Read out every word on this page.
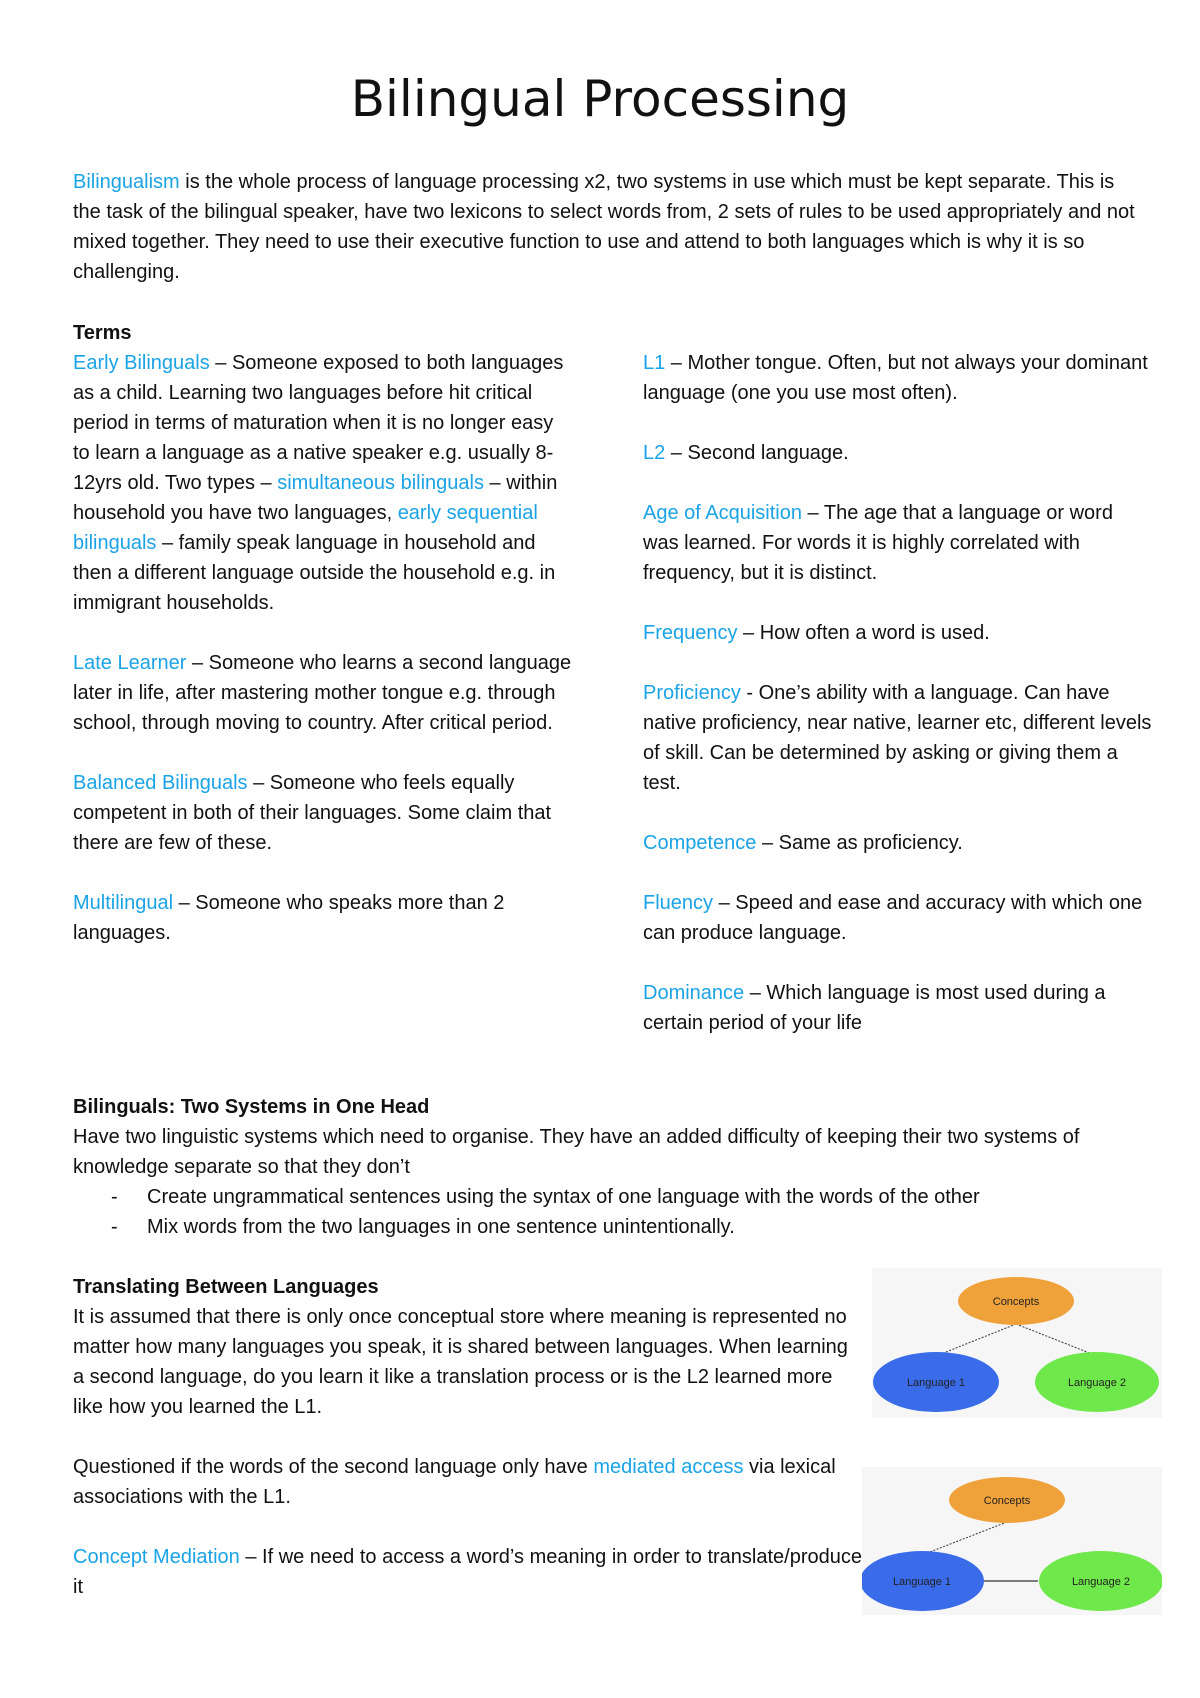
Bilingual Processing

Bilingualism is the whole process of language processing x2, two systems in use which must be kept separate. This is the task of the bilingual speaker, have two lexicons to select words from, 2 sets of rules to be used appropriately and not mixed together. They need to use their executive function to use and attend to both languages which is why it is so challenging.

Terms

Early Bilinguals – Someone exposed to both languages as a child. Learning two languages before hit critical period in terms of maturation when it is no longer easy to learn a language as a native speaker e.g. usually 8-12yrs old. Two types – simultaneous bilinguals – within household you have two languages, early sequential bilinguals – family speak language in household and then a different language outside the household e.g. in immigrant households.

Late Learner – Someone who learns a second language later in life, after mastering mother tongue e.g. through school, through moving to country. After critical period.

Balanced Bilinguals – Someone who feels equally competent in both of their languages. Some claim that there are few of these.

Multilingual – Someone who speaks more than 2 languages.

L1 – Mother tongue. Often, but not always your dominant language (one you use most often).

L2 – Second language.

Age of Acquisition – The age that a language or word was learned. For words it is highly correlated with frequency, but it is distinct.

Frequency – How often a word is used.

Proficiency - One’s ability with a language. Can have native proficiency, near native, learner etc, different levels of skill. Can be determined by asking or giving them a test.

Competence – Same as proficiency.

Fluency – Speed and ease and accuracy with which one can produce language.

Dominance – Which language is most used during a certain period of your life

Bilinguals: Two Systems in One Head

Have two linguistic systems which need to organise. They have an added difficulty of keeping their two systems of knowledge separate so that they don’t

- Create ungrammatical sentences using the syntax of one language with the words of the other
- Mix words from the two languages in one sentence unintentionally.

Translating Between Languages

It is assumed that there is only once conceptual store where meaning is represented no matter how many languages you speak, it is shared between languages. When learning a second language, do you learn it like a translation process or is the L2 learned more like how you learned the L1.

Questioned if the words of the second language only have mediated access via lexical associations with the L1.

Concept Mediation – If we need to access a word’s meaning in order to translate/produce it

Concepts
Language 1	Language 2
Concepts
Language 1	Language 2
